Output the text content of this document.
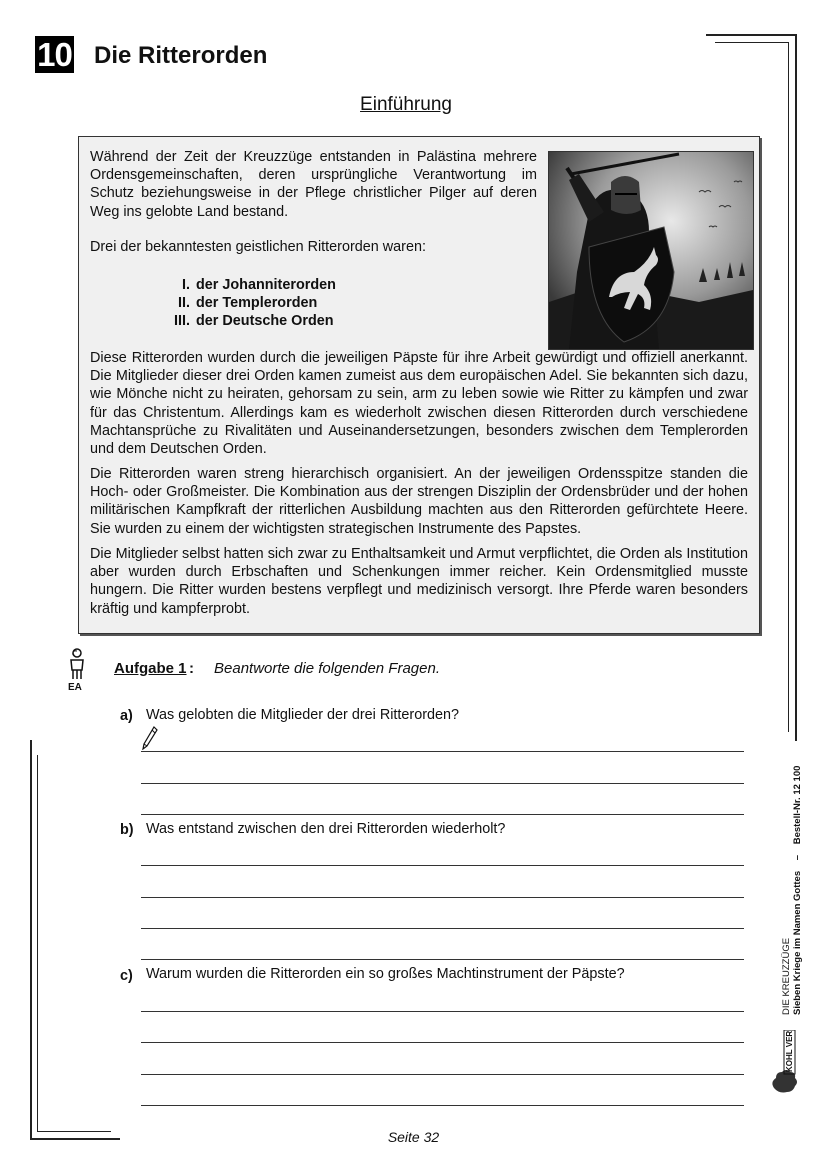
10 Die Ritterorden
Einführung
Während der Zeit der Kreuzzüge entstanden in Palästina mehrere Ordensgemeinschaften, deren ursprüngliche Verantwortung im Schutz beziehungsweise in der Pflege christlicher Pilger auf deren Weg ins gelobte Land bestand.
Drei der bekanntesten geistlichen Ritterorden waren:
I. der Johanniterorden
II. der Templerorden
III. der Deutsche Orden
Diese Ritterorden wurden durch die jeweiligen Päpste für ihre Arbeit gewürdigt und offiziell anerkannt. Die Mitglieder dieser drei Orden kamen zumeist aus dem europäischen Adel. Sie bekannten sich dazu, wie Mönche nicht zu heiraten, gehorsam zu sein, arm zu leben sowie wie Ritter zu kämpfen und zwar für das Christentum. Allerdings kam es wiederholt zwischen diesen Ritterorden durch verschiedene Machtansprüche zu Rivalitäten und Auseinandersetzungen, besonders zwischen dem Templerorden und dem Deutschen Orden.
Die Ritterorden waren streng hierarchisch organisiert. An der jeweiligen Ordensspitze standen die Hoch- oder Großmeister. Die Kombination aus der strengen Disziplin der Ordensbrüder und der hohen militärischen Kampfkraft der ritterlichen Ausbildung machten aus den Ritterorden gefürchtete Heere. Sie wurden zu einem der wichtigsten strategischen Instrumente des Papstes.
Die Mitglieder selbst hatten sich zwar zu Enthaltsamkeit und Armut verpflichtet, die Orden als Institution aber wurden durch Erbschaften und Schenkungen immer reicher. Kein Ordensmitglied musste hungern. Die Ritter wurden bestens verpflegt und medizinisch versorgt. Ihre Pferde waren besonders kräftig und kampferprobt.
EA
Aufgabe 1 : Beantworte die folgenden Fragen.
a) Was gelobten die Mitglieder der drei Ritterorden?
b) Was entstand zwischen den drei Ritterorden wiederholt?
c) Warum wurden die Ritterorden ein so großes Machtinstrument der Päpste?	DIE KREUZZÜGE Sieben Kriege im Namen Gottes – Bestell-Nr. 12 100
KOHL VERLAG
Seite 32
